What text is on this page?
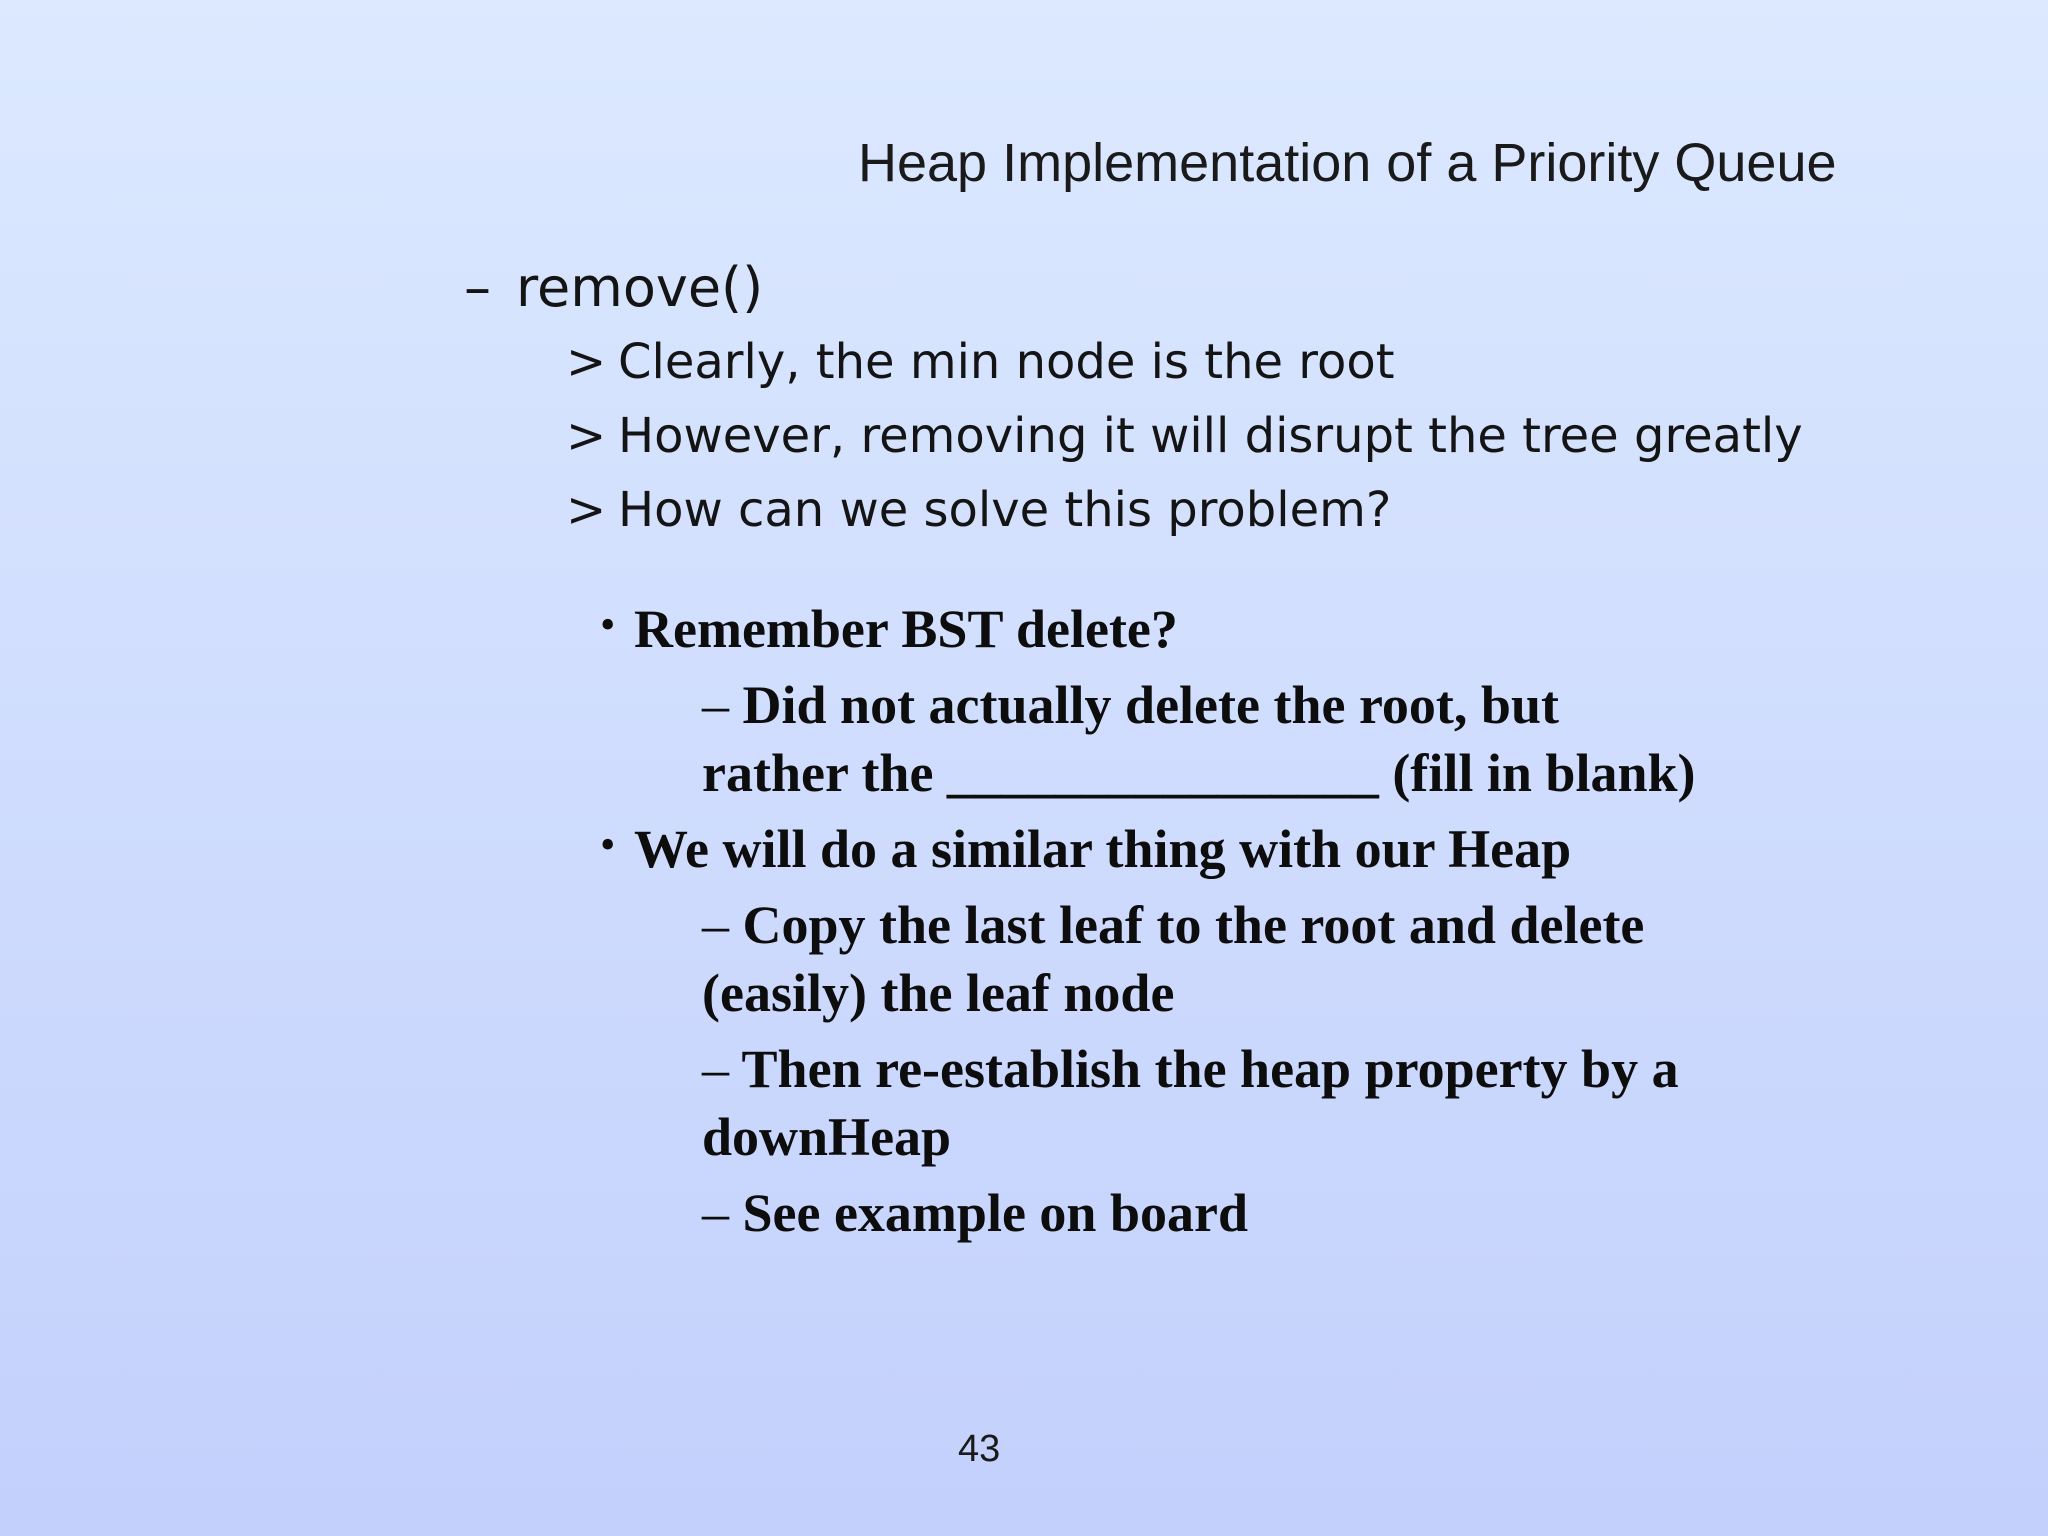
Heap Implementation of a Priority Queue
– remove()
> Clearly, the min node is the root
> However, removing it will disrupt the tree greatly
> How can we solve this problem?
• Remember BST delete?
– Did not actually delete the root, but
rather the ________________ (fill in blank)
• We will do a similar thing with our Heap
– Copy the last leaf to the root and delete
(easily) the leaf node
– Then re-establish the heap property by a
downHeap
– See example on board
43
